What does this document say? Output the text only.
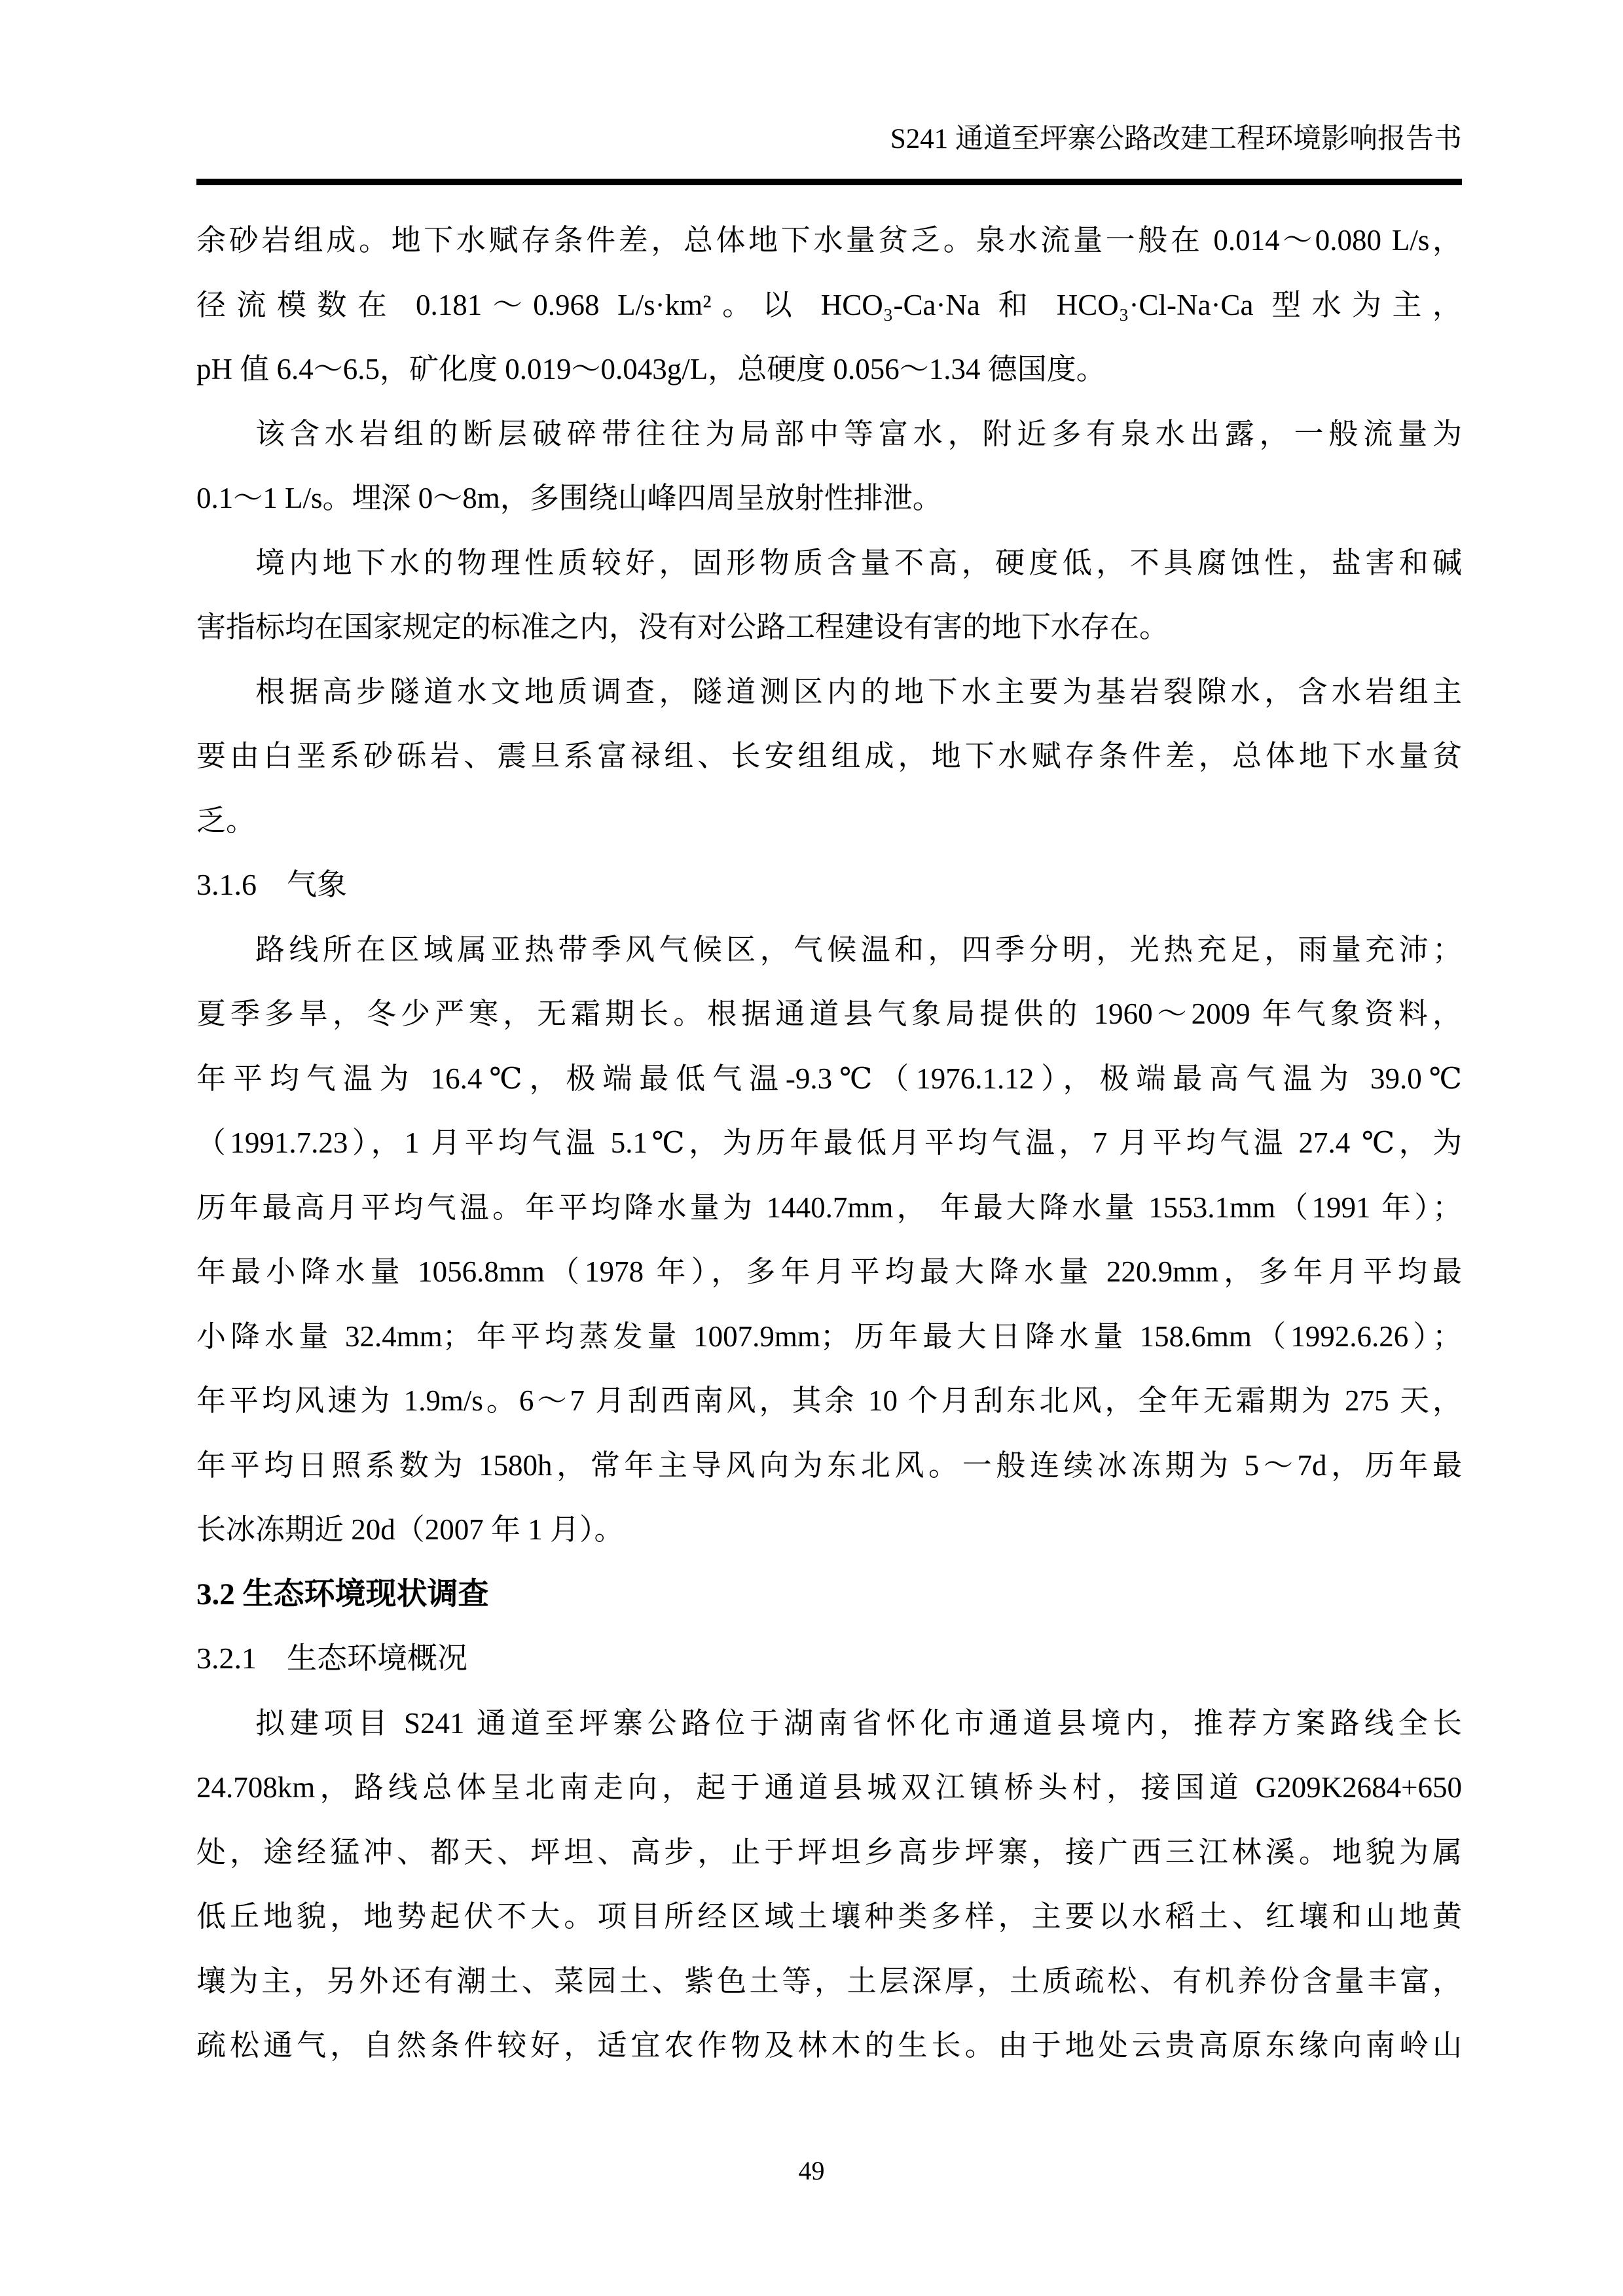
S241 通道至坪寨公路改建工程环境影响报告书
余砂岩组成。地下水赋存条件差，总体地下水量贫乏。泉水流量一般在 0.014～0.080 L/s，
径流模数在 0.181～0.968 L/s·km²。以 HCO₃-Ca·Na 和 HCO₃·Cl-Na·Ca 型水为主，
pH 值 6.4～6.5，矿化度 0.019～0.043g/L，总硬度 0.056～1.34 德国度。
该含水岩组的断层破碎带往往为局部中等富水，附近多有泉水出露，一般流量为
0.1～1 L/s。埋深 0～8m，多围绕山峰四周呈放射性排泄。
境内地下水的物理性质较好，固形物质含量不高，硬度低，不具腐蚀性，盐害和碱
害指标均在国家规定的标准之内，没有对公路工程建设有害的地下水存在。
根据高步隧道水文地质调查，隧道测区内的地下水主要为基岩裂隙水，含水岩组主
要由白垩系砂砾岩、震旦系富禄组、长安组组成，地下水赋存条件差，总体地下水量贫
乏。
3.1.6　气象
路线所在区域属亚热带季风气候区，气候温和，四季分明，光热充足，雨量充沛；
夏季多旱，冬少严寒，无霜期长。根据通道县气象局提供的 1960～2009 年气象资料，
年平均气温为 16.4℃，极端最低气温-9.3℃（1976.1.12），极端最高气温为 39.0℃
（1991.7.23），1 月平均气温 5.1℃，为历年最低月平均气温，7 月平均气温 27.4 ℃，为
历年最高月平均气温。年平均降水量为 1440.7mm， 年最大降水量 1553.1mm（1991 年）；
年最小降水量 1056.8mm（1978 年），多年月平均最大降水量 220.9mm，多年月平均最
小降水量 32.4mm；年平均蒸发量 1007.9mm；历年最大日降水量 158.6mm（1992.6.26）；
年平均风速为 1.9m/s。6～7 月刮西南风，其余 10 个月刮东北风，全年无霜期为 275 天，
年平均日照系数为 1580h，常年主导风向为东北风。一般连续冰冻期为 5～7d，历年最
长冰冻期近 20d（2007 年 1 月）。
3.2 生态环境现状调查
3.2.1　生态环境概况
拟建项目 S241 通道至坪寨公路位于湖南省怀化市通道县境内，推荐方案路线全长
24.708km，路线总体呈北南走向，起于通道县城双江镇桥头村，接国道 G209K2684+650
处，途经猛冲、都天、坪坦、高步，止于坪坦乡高步坪寨，接广西三江林溪。地貌为属
低丘地貌，地势起伏不大。项目所经区域土壤种类多样，主要以水稻土、红壤和山地黄
壤为主，另外还有潮土、菜园土、紫色土等，土层深厚，土质疏松、有机养份含量丰富，
疏松通气，自然条件较好，适宜农作物及林木的生长。由于地处云贵高原东缘向南岭山
49
